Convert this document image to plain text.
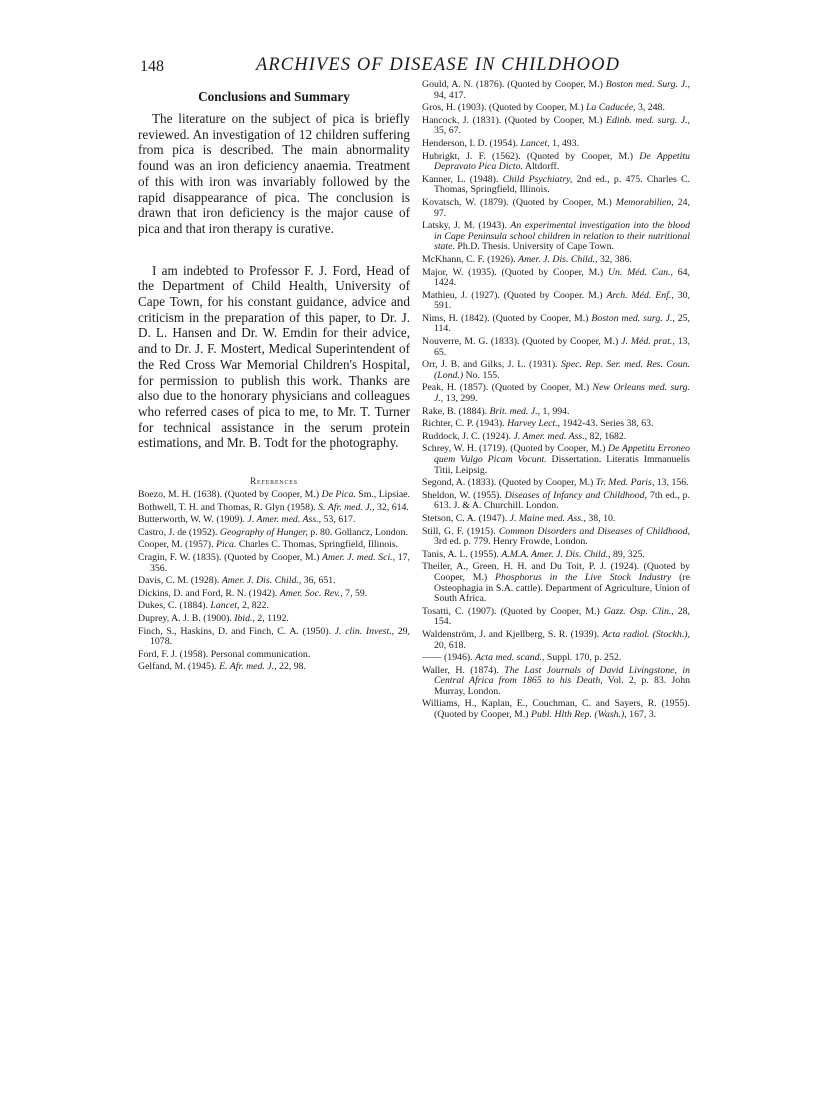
148	ARCHIVES OF DISEASE IN CHILDHOOD
Conclusions and Summary

The literature on the subject of pica is briefly reviewed. An investigation of 12 children suffering from pica is described. The main abnormality found was an iron deficiency anaemia. Treatment of this with iron was invariably followed by the rapid disappearance of pica. The conclusion is drawn that iron deficiency is the major cause of pica and that iron therapy is curative.

I am indebted to Professor F. J. Ford, Head of the Department of Child Health, University of Cape Town, for his constant guidance, advice and criticism in the preparation of this paper, to Dr. J. D. L. Hansen and Dr. W. Emdin for their advice, and to Dr. J. F. Mostert, Medical Superintendent of the Red Cross War Memorial Children's Hospital, for permission to publish this work. Thanks are also due to the honorary physicians and colleagues who referred cases of pica to me, to Mr. T. Turner for technical assistance in the serum protein estimations, and Mr. B. Todt for the photography.

References
Boezo, M. H. (1638). (Quoted by Cooper, M.) De Pica. Sm., Lipsiae.
Bothwell, T. H. and Thomas, R. Glyn (1958). S. Afr. med. J., 32, 614.
Butterworth, W. W. (1909). J. Amer. med. Ass., 53, 617.
Castro, J. de (1952). Geography of Hunger, p. 80. Gollancz, London.
Cooper, M. (1957). Pica. Charles C. Thomas, Springfield, Illinois.
Cragin, F. W. (1835). (Quoted by Cooper, M.) Amer. J. med. Sci., 17, 356.
Davis, C. M. (1928). Amer. J. Dis. Child., 36, 651.
Dickins, D. and Ford, R. N. (1942). Amer. Soc. Rev., 7, 59.
Dukes, C. (1884). Lancet, 2, 822.
Duprey, A. J. B. (1900). Ibid., 2, 1192.
Finch, S., Haskins, D. and Finch, C. A. (1950). J. clin. Invest., 29, 1078.
Ford, F. J. (1958). Personal communication.
Gelfand, M. (1945). E. Afr. med. J., 22, 98.
Gould, A. N. (1876). (Quoted by Cooper, M.) Boston med. Surg. J., 94, 417.
Gros, H. (1903). (Quoted by Cooper, M.) La Caducée, 3, 248.
Hancock, J. (1831). (Quoted by Cooper, M.) Edinb. med. surg. J., 35, 67.
Henderson, I. D. (1954). Lancet, 1, 493.
Hubrigkt, J. F. (1562). (Quoted by Cooper, M.) De Appetitu Depravato Pica Dicto. Altdorff.
Kanner, L. (1948). Child Psychiatry, 2nd ed., p. 475. Charles C. Thomas, Springfield, Illinois.
Kovatsch, W. (1879). (Quoted by Cooper, M.) Memorabilien, 24, 97.
Latsky, J. M. (1943). An experimental investigation into the blood in Cape Peninsula school children in relation to their nutritional state. Ph.D. Thesis. University of Cape Town.
McKhann, C. F. (1926). Amer. J. Dis. Child., 32, 386.
Major, W. (1935). (Quoted by Cooper, M.) Un. Méd. Can., 64, 1424.
Mathieu, J. (1927). (Quoted by Cooper. M.) Arch. Méd. Enf., 30, 591.
Nims, H. (1842). (Quoted by Cooper, M.) Boston med. surg. J., 25, 114.
Nouverre, M. G. (1833). (Quoted by Cooper, M.) J. Méd. prat., 13, 65.
Orr, J. B. and Gilks, J. L. (1931). Spec. Rep. Ser. med. Res. Coun. (Lond.) No. 155.
Peak, H. (1857). (Quoted by Cooper, M.) New Orleans med. surg. J., 13, 299.
Rake, B. (1884). Brit. med. J., 1, 994.
Richter, C. P. (1943). Harvey Lect., 1942-43. Series 38, 63.
Ruddock, J. C. (1924). J. Amer. med. Ass., 82, 1682.
Schrey, W. H. (1719). (Quoted by Cooper, M.) De Appetitu Erroneo quem Vulgo Picam Vocunt. Dissertation. Literatis Immanuelis Titii, Leipsig.
Segond, A. (1833). (Quoted by Cooper, M.) Tr. Med. Paris, 13, 156.
Sheldon, W. (1955). Diseases of Infancy and Childhood, 7th ed., p. 613. J. & A. Churchill. London.
Stetson, C. A. (1947). J. Maine med. Ass., 38, 10.
Still, G. F. (1915). Common Disorders and Diseases of Childhood, 3rd ed. p. 779. Henry Frowde, London.
Tanis, A. L. (1955). A.M.A. Amer. J. Dis. Child., 89, 325.
Theiler, A., Green, H. H. and Du Toit, P. J. (1924). (Quoted by Cooper, M.) Phosphorus in the Live Stock Industry (re Osteophagia in S.A. cattle). Department of Agriculture, Union of South Africa.
Tosatti, C. (1907). (Quoted by Cooper, M.) Gazz. Osp. Clin., 28, 154.
Waldenström, J. and Kjellberg, S. R. (1939). Acta radiol. (Stockh.), 20, 618.
—— (1946). Acta med. scand., Suppl. 170, p. 252.
Waller, H. (1874). The Last Journals of David Livingstone, in Central Africa from 1865 to his Death, Vol. 2, p. 83. John Murray, London.
Williams, H., Kaplan, E., Couchman, C. and Sayers, R. (1955). (Quoted by Cooper, M.) Publ. Hlth Rep. (Wash.), 167, 3.
